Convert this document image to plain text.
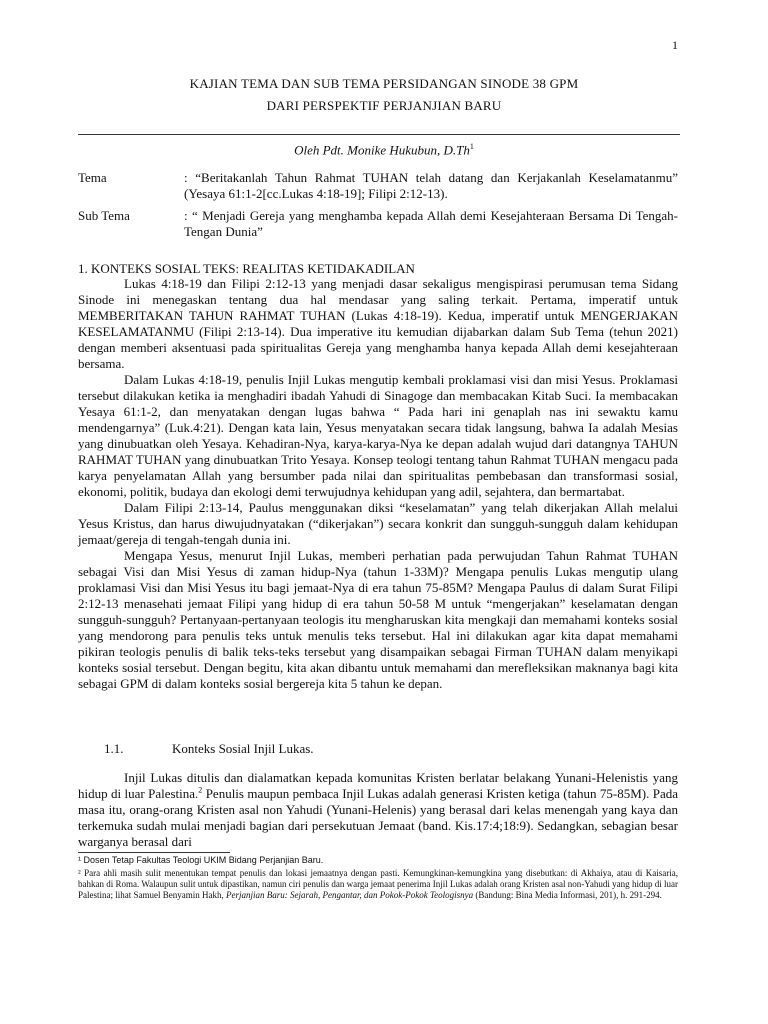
1
KAJIAN TEMA DAN SUB TEMA PERSIDANGAN SINODE 38 GPM
DARI PERSPEKTIF PERJANJIAN BARU
Oleh Pdt. Monike Hukubun, D.Th$^1$
Tema	: “Beritakanlah Tahun Rahmat TUHAN telah datang dan Kerjakanlah Keselamatanmu” (Yesaya 61:1-2[cc.Lukas 4:18-19]; Filipi 2:12-13).
Sub Tema	: “ Menjadi Gereja yang menghamba kepada Allah demi Kesejahteraan Bersama Di Tengah-Tengan Dunia”
1. KONTEKS SOSIAL TEKS: REALITAS KETIDAKADILAN

Lukas 4:18-19 dan Filipi 2:12-13 yang menjadi dasar sekaligus mengispirasi perumusan tema Sidang Sinode ini menegaskan tentang dua hal mendasar yang saling terkait. Pertama, imperatif untuk MEMBERITAKAN TAHUN RAHMAT TUHAN (Lukas 4:18-19). Kedua, imperatif untuk MENGERJAKAN KESELAMATANMU (Filipi 2:13-14). Dua imperative itu kemudian dijabarkan dalam Sub Tema (tehun 2021) dengan memberi aksentuasi pada spiritualitas Gereja yang menghamba hanya kepada Allah demi kesejahteraan bersama.

Dalam Lukas 4:18-19, penulis Injil Lukas mengutip kembali proklamasi visi dan misi Yesus. Proklamasi tersebut dilakukan ketika ia menghadiri ibadah Yahudi di Sinagoge dan membacakan Kitab Suci. Ia membacakan Yesaya 61:1-2, dan menyatakan dengan lugas bahwa “ Pada hari ini genaplah nas ini sewaktu kamu mendengarnya” (Luk.4:21). Dengan kata lain, Yesus menyatakan secara tidak langsung, bahwa Ia adalah Mesias yang dinubuatkan oleh Yesaya. Kehadiran-Nya, karya-karya-Nya ke depan adalah wujud dari datangnya TAHUN RAHMAT TUHAN yang dinubuatkan Trito Yesaya. Konsep teologi tentang tahun Rahmat TUHAN mengacu pada karya penyelamatan Allah yang bersumber pada nilai dan spiritualitas pembebasan dan transformasi sosial, ekonomi, politik, budaya dan ekologi demi terwujudnya kehidupan yang adil, sejahtera, dan bermartabat.

Dalam Filipi 2:13-14, Paulus menggunakan diksi “keselamatan” yang telah dikerjakan Allah melalui Yesus Kristus, dan harus diwujudnyatakan (“dikerjakan”) secara konkrit dan sungguh-sungguh dalam kehidupan jemaat/gereja di tengah-tengah dunia ini.

Mengapa Yesus, menurut Injil Lukas, memberi perhatian pada perwujudan Tahun Rahmat TUHAN sebagai Visi dan Misi Yesus di zaman hidup-Nya (tahun 1-33M)? Mengapa penulis Lukas mengutip ulang proklamasi Visi dan Misi Yesus itu bagi jemaat-Nya di era tahun 75-85M? Mengapa Paulus di dalam Surat Filipi 2:12-13 menasehati jemaat Filipi yang hidup di era tahun 50-58 M untuk “mengerjakan” keselamatan dengan sungguh-sungguh? Pertanyaan-pertanyaan teologis itu mengharuskan kita mengkaji dan memahami konteks sosial yang mendorong para penulis teks untuk menulis teks tersebut. Hal ini dilakukan agar kita dapat memahami pikiran teologis penulis di balik teks-teks tersebut yang disampaikan sebagai Firman TUHAN dalam menyikapi konteks sosial tersebut. Dengan begitu, kita akan dibantu untuk memahami dan merefleksikan maknanya bagi kita sebagai GPM di dalam konteks sosial bergereja kita 5 tahun ke depan.

1.1.	Konteks Sosial Injil Lukas.

Injil Lukas ditulis dan dialamatkan kepada komunitas Kristen berlatar belakang Yunani-Helenistis yang hidup di luar Palestina.$^2$ Penulis maupun pembaca Injil Lukas adalah generasi Kristen ketiga (tahun 75-85M). Pada masa itu, orang-orang Kristen asal non Yahudi (Yunani-Helenis) yang berasal dari kelas menengah yang kaya dan terkemuka sudah mulai menjadi bagian dari persekutuan Jemaat (band. Kis.17:4;18:9). Sedangkan, sebagian besar warganya berasal dari

¹ Dosen Tetap Fakultas Teologi UKIM Bidang Perjanjian Baru.
² Para ahli masih sulit menentukan tempat penulis dan lokasi jemaatnya dengan pasti. Kemungkinan-kemungkina yang disebutkan: di Akhaiya, atau di Kaisaria, bahkan di Roma. Walaupun sulit untuk dipastikan, namun ciri penulis dan warga jemaat penerima Injil Lukas adalah orang Kristen asal non-Yahudi yang hidup di luar Palestina; lihat Samuel Benyamin Hakh, Perjanjian Baru: Sejarah, Pengantar, dan Pokok-Pokok Teologisnya (Bandung: Bina Media Informasi, 201), h. 291-294.
